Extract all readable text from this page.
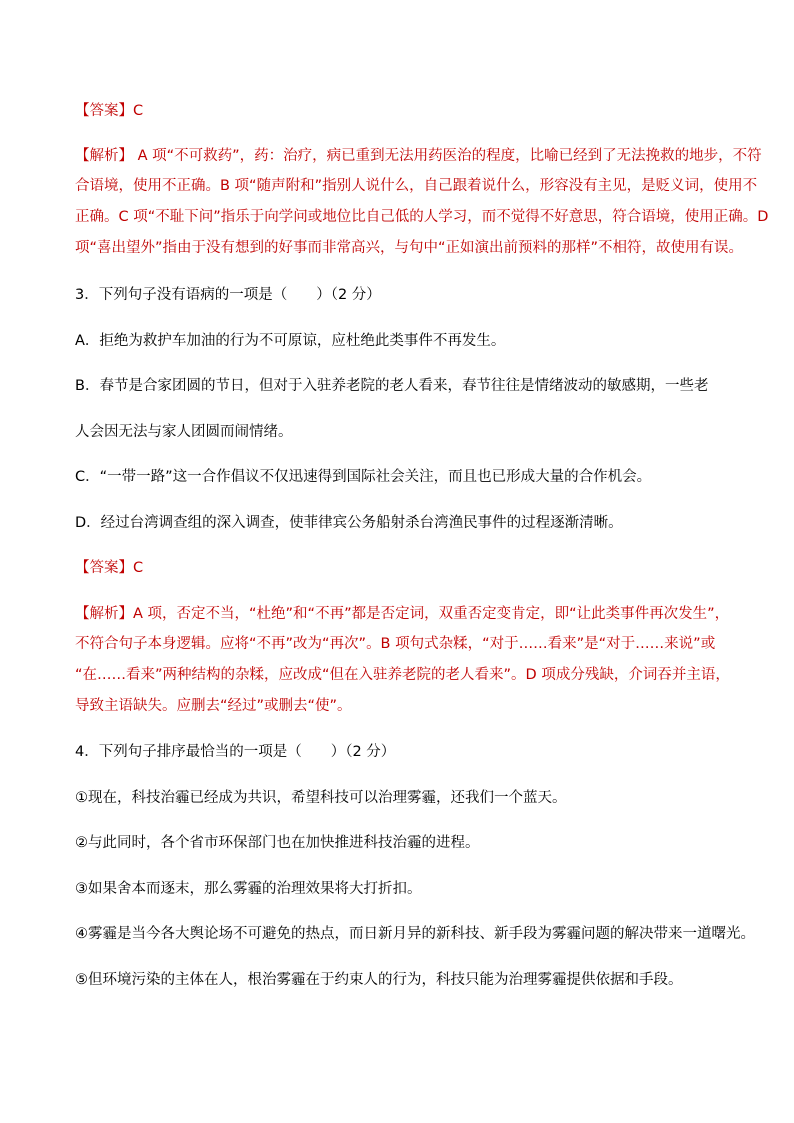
【答案】C
【解析】 A 项“不可救药”，药：治疗，病已重到无法用药医治的程度，比喻已经到了无法挽救的地步，不符
合语境，使用不正确。B 项“随声附和”指别人说什么，自己跟着说什么，形容没有主见，是贬义词，使用不
正确。C 项“不耻下问”指乐于向学问或地位比自己低的人学习，而不觉得不好意思，符合语境，使用正确。D
项“喜出望外”指由于没有想到的好事而非常高兴，与句中“正如演出前预料的那样”不相符，故使用有误。
3．下列句子没有语病的一项是（　　）（2 分）
A．拒绝为救护车加油的行为不可原谅，应杜绝此类事件不再发生。
B．春节是合家团圆的节日，但对于入驻养老院的老人看来，春节往往是情绪波动的敏感期，一些老
人会因无法与家人团圆而闹情绪。
C．“一带一路”这一合作倡议不仅迅速得到国际社会关注，而且也已形成大量的合作机会。
D．经过台湾调查组的深入调查，使菲律宾公务船射杀台湾渔民事件的过程逐渐清晰。
【答案】C
【解析】A 项，否定不当，“杜绝”和“不再”都是否定词，双重否定变肯定，即“让此类事件再次发生”，
不符合句子本身逻辑。应将“不再”改为“再次”。B 项句式杂糅，“对于……看来”是“对于……来说”或
“在……看来”两种结构的杂糅，应改成“但在入驻养老院的老人看来”。D 项成分残缺，介词吞并主语，
导致主语缺失。应删去“经过”或删去“使”。
4．下列句子排序最恰当的一项是（　　）（2 分）
①现在，科技治霾已经成为共识，希望科技可以治理雾霾，还我们一个蓝天。
②与此同时，各个省市环保部门也在加快推进科技治霾的进程。
③如果舍本而逐末，那么雾霾的治理效果将大打折扣。
④雾霾是当今各大舆论场不可避免的热点，而日新月异的新科技、新手段为雾霾问题的解决带来一道曙光。
⑤但环境污染的主体在人，根治雾霾在于约束人的行为，科技只能为治理雾霾提供依据和手段。
